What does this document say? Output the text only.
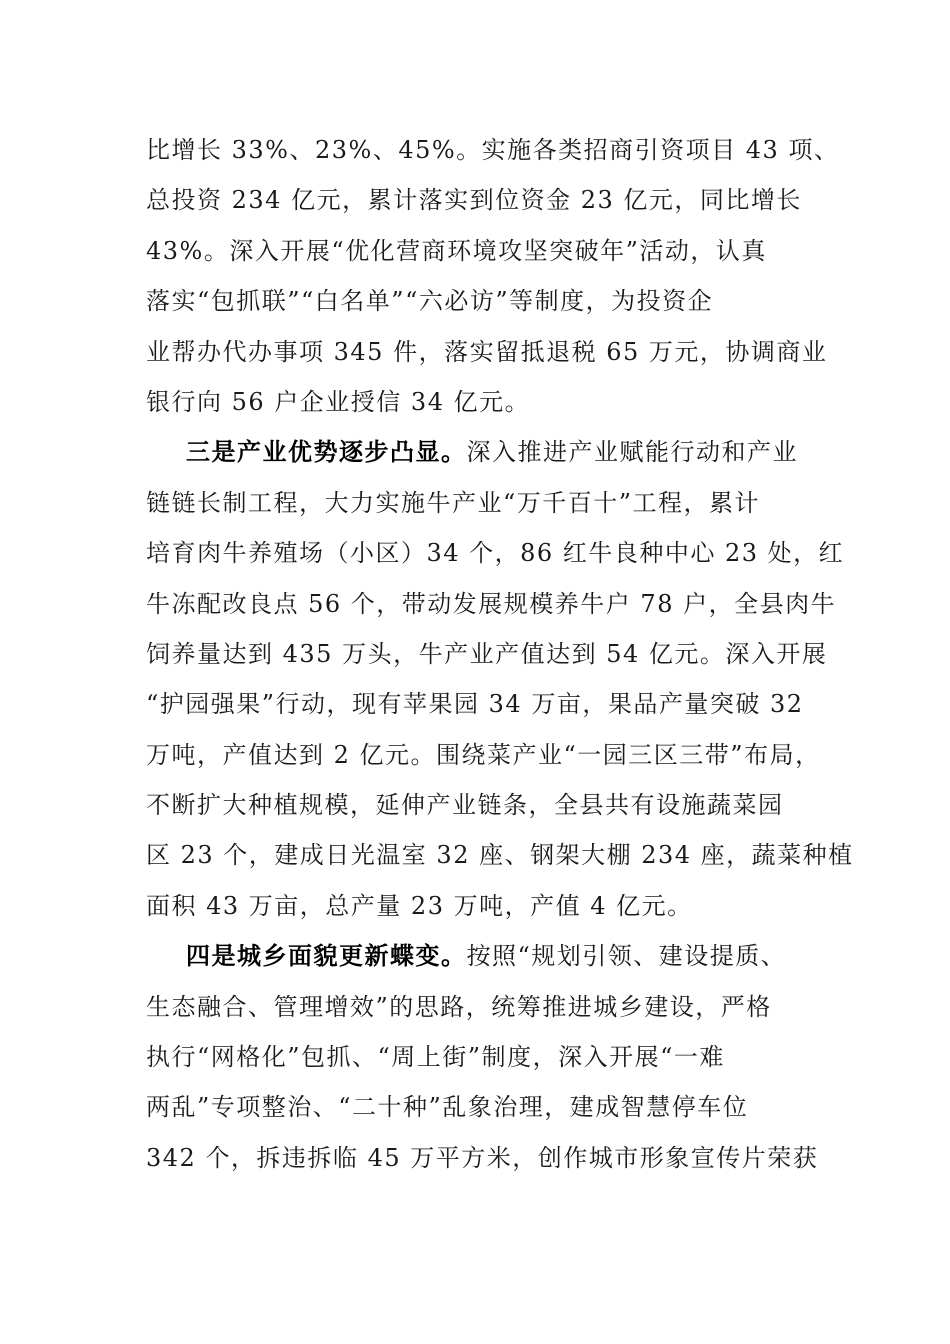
比增长 33%、23%、45%。实施各类招商引资项目 43 项、
总投资 234 亿元，累计落实到位资金 23 亿元，同比增长
43%。深入开展“优化营商环境攻坚突破年”活动，认真
落实“包抓联”“白名单”“六必访”等制度，为投资企
业帮办代办事项 345 件，落实留抵退税 65 万元，协调商业
银行向 56 户企业授信 34 亿元。
三是产业优势逐步凸显。深入推进产业赋能行动和产业
链链长制工程，大力实施牛产业“万千百十”工程，累计
培育肉牛养殖场（小区）34 个，86 红牛良种中心 23 处，红
牛冻配改良点 56 个，带动发展规模养牛户 78 户，全县肉牛
饲养量达到 435 万头，牛产业产值达到 54 亿元。深入开展
“护园强果”行动，现有苹果园 34 万亩，果品产量突破 32
万吨，产值达到 2 亿元。围绕菜产业“一园三区三带”布局，
不断扩大种植规模，延伸产业链条，全县共有设施蔬菜园
区 23 个，建成日光温室 32 座、钢架大棚 234 座，蔬菜种植
面积 43 万亩，总产量 23 万吨，产值 4 亿元。
四是城乡面貌更新蝶变。按照“规划引领、建设提质、
生态融合、管理增效”的思路，统筹推进城乡建设，严格
执行“网格化”包抓、“周上街”制度，深入开展“一难
两乱”专项整治、“二十种”乱象治理，建成智慧停车位
342 个，拆违拆临 45 万平方米，创作城市形象宣传片荣获
